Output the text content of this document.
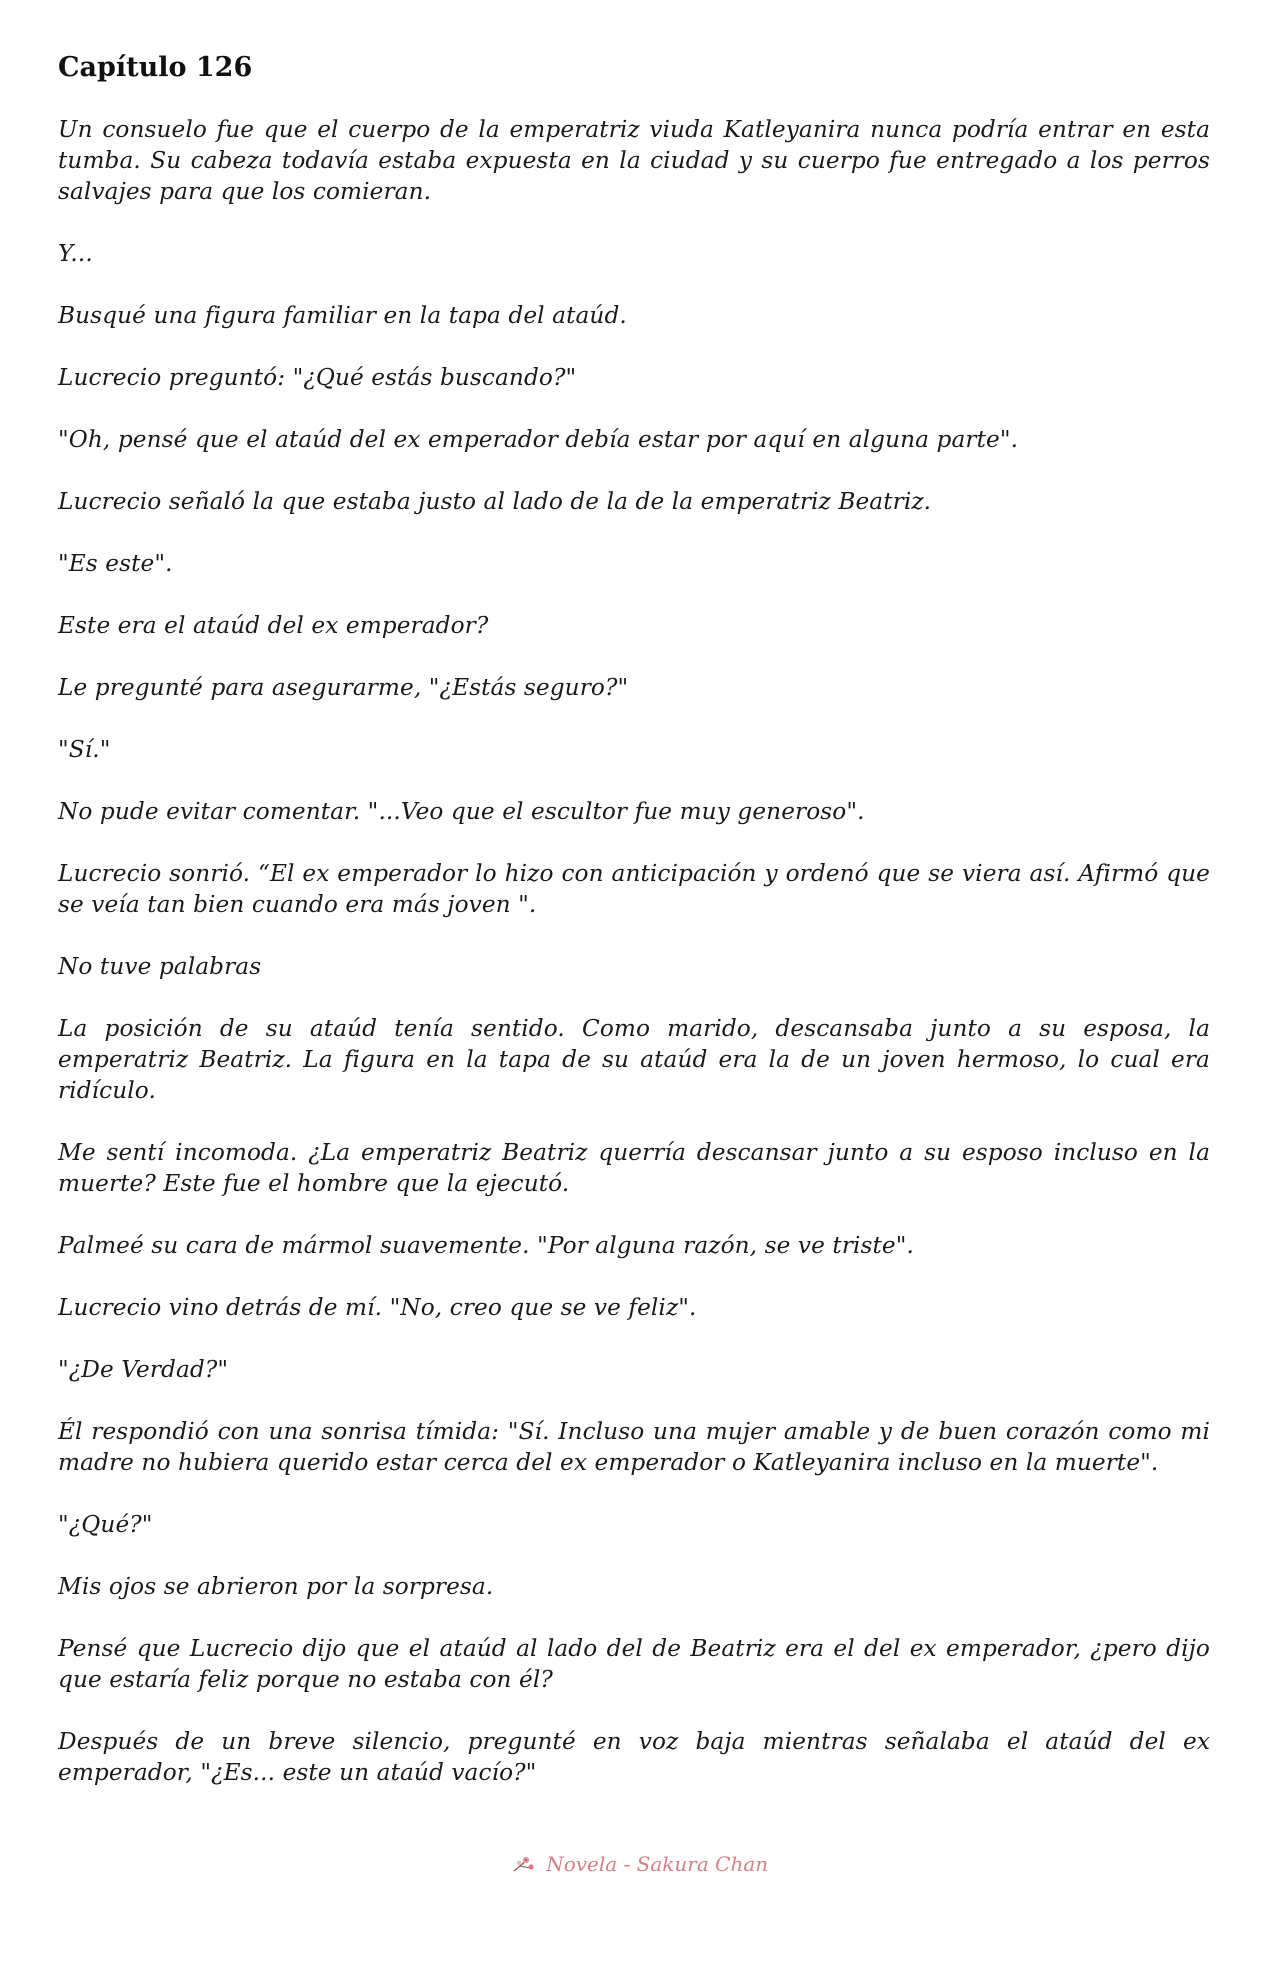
Capítulo 126

Un consuelo fue que el cuerpo de la emperatriz viuda Katleyanira nunca podría entrar en esta tumba. Su cabeza todavía estaba expuesta en la ciudad y su cuerpo fue entregado a los perros salvajes para que los comieran.

Y...

Busqué una figura familiar en la tapa del ataúd.

Lucrecio preguntó: "¿Qué estás buscando?"

"Oh, pensé que el ataúd del ex emperador debía estar por aquí en alguna parte".

Lucrecio señaló la que estaba justo al lado de la de la emperatriz Beatriz.

"Es este".

Este era el ataúd del ex emperador?

Le pregunté para asegurarme, "¿Estás seguro?"

"Sí."

No pude evitar comentar. "...Veo que el escultor fue muy generoso".

Lucrecio sonrió. “El ex emperador lo hizo con anticipación y ordenó que se viera así. Afirmó que se veía tan bien cuando era más joven ".

No tuve palabras

La posición de su ataúd tenía sentido. Como marido, descansaba junto a su esposa, la emperatriz Beatriz. La figura en la tapa de su ataúd era la de un joven hermoso, lo cual era ridículo.

Me sentí incomoda. ¿La emperatriz Beatriz querría descansar junto a su esposo incluso en la muerte? Este fue el hombre que la ejecutó.

Palmeé su cara de mármol suavemente. "Por alguna razón, se ve triste".

Lucrecio vino detrás de mí. "No, creo que se ve feliz".

"¿De Verdad?"

Él respondió con una sonrisa tímida: "Sí. Incluso una mujer amable y de buen corazón como mi madre no hubiera querido estar cerca del ex emperador o Katleyanira incluso en la muerte".

"¿Qué?"

Mis ojos se abrieron por la sorpresa.

Pensé que Lucrecio dijo que el ataúd al lado del de Beatriz era el del ex emperador, ¿pero dijo que estaría feliz porque no estaba con él?

Después de un breve silencio, pregunté en voz baja mientras señalaba el ataúd del ex emperador, "¿Es... este un ataúd vacío?"

Novela - Sakura Chan
